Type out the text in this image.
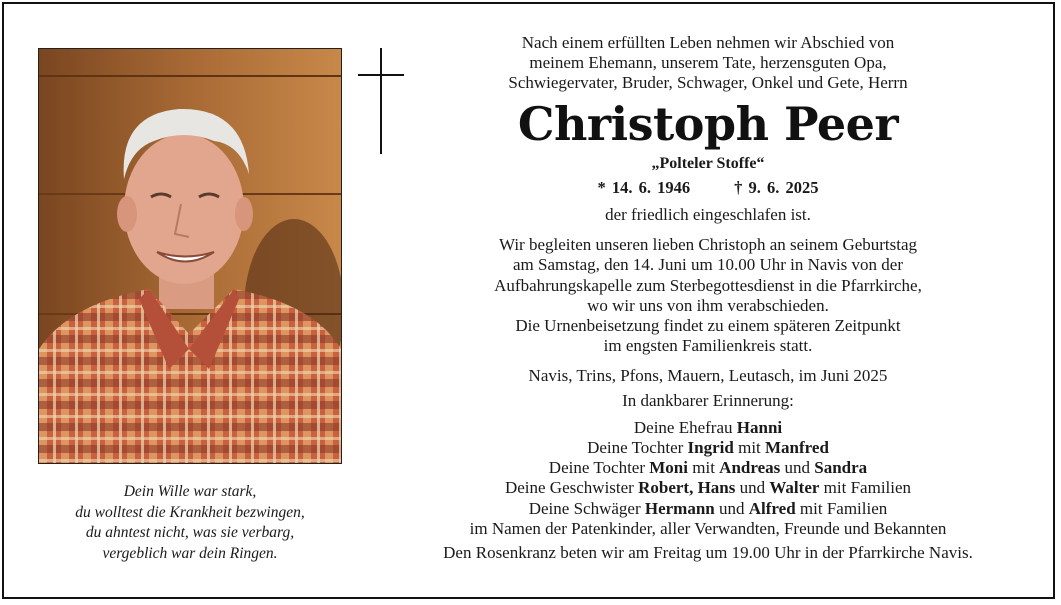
Dein Wille war stark,
du wolltest die Krankheit bezwingen,
du ahntest nicht, was sie verbarg,
vergeblich war dein Ringen.
Nach einem erfüllten Leben nehmen wir Abschied von
meinem Ehemann, unserem Tate, herzensguten Opa,
Schwiegervater, Bruder, Schwager, Onkel und Gete, Herrn
Christoph Peer
„Polteler Stoffe“
* 14. 6. 1946	† 9. 6. 2025
der friedlich eingeschlafen ist.
Wir begleiten unseren lieben Christoph an seinem Geburtstag
am Samstag, den 14. Juni um 10.00 Uhr in Navis von der
Aufbahrungskapelle zum Sterbegottesdienst in die Pfarrkirche,
wo wir uns von ihm verabschieden.
Die Urnenbeisetzung findet zu einem späteren Zeitpunkt
im engsten Familienkreis statt.
Navis, Trins, Pfons, Mauern, Leutasch, im Juni 2025
In dankbarer Erinnerung:
Deine Ehefrau Hanni
Deine Tochter Ingrid mit Manfred
Deine Tochter Moni mit Andreas und Sandra
Deine Geschwister Robert, Hans und Walter mit Familien
Deine Schwäger Hermann und Alfred mit Familien
im Namen der Patenkinder, aller Verwandten, Freunde und Bekannten
Den Rosenkranz beten wir am Freitag um 19.00 Uhr in der Pfarrkirche Navis.
